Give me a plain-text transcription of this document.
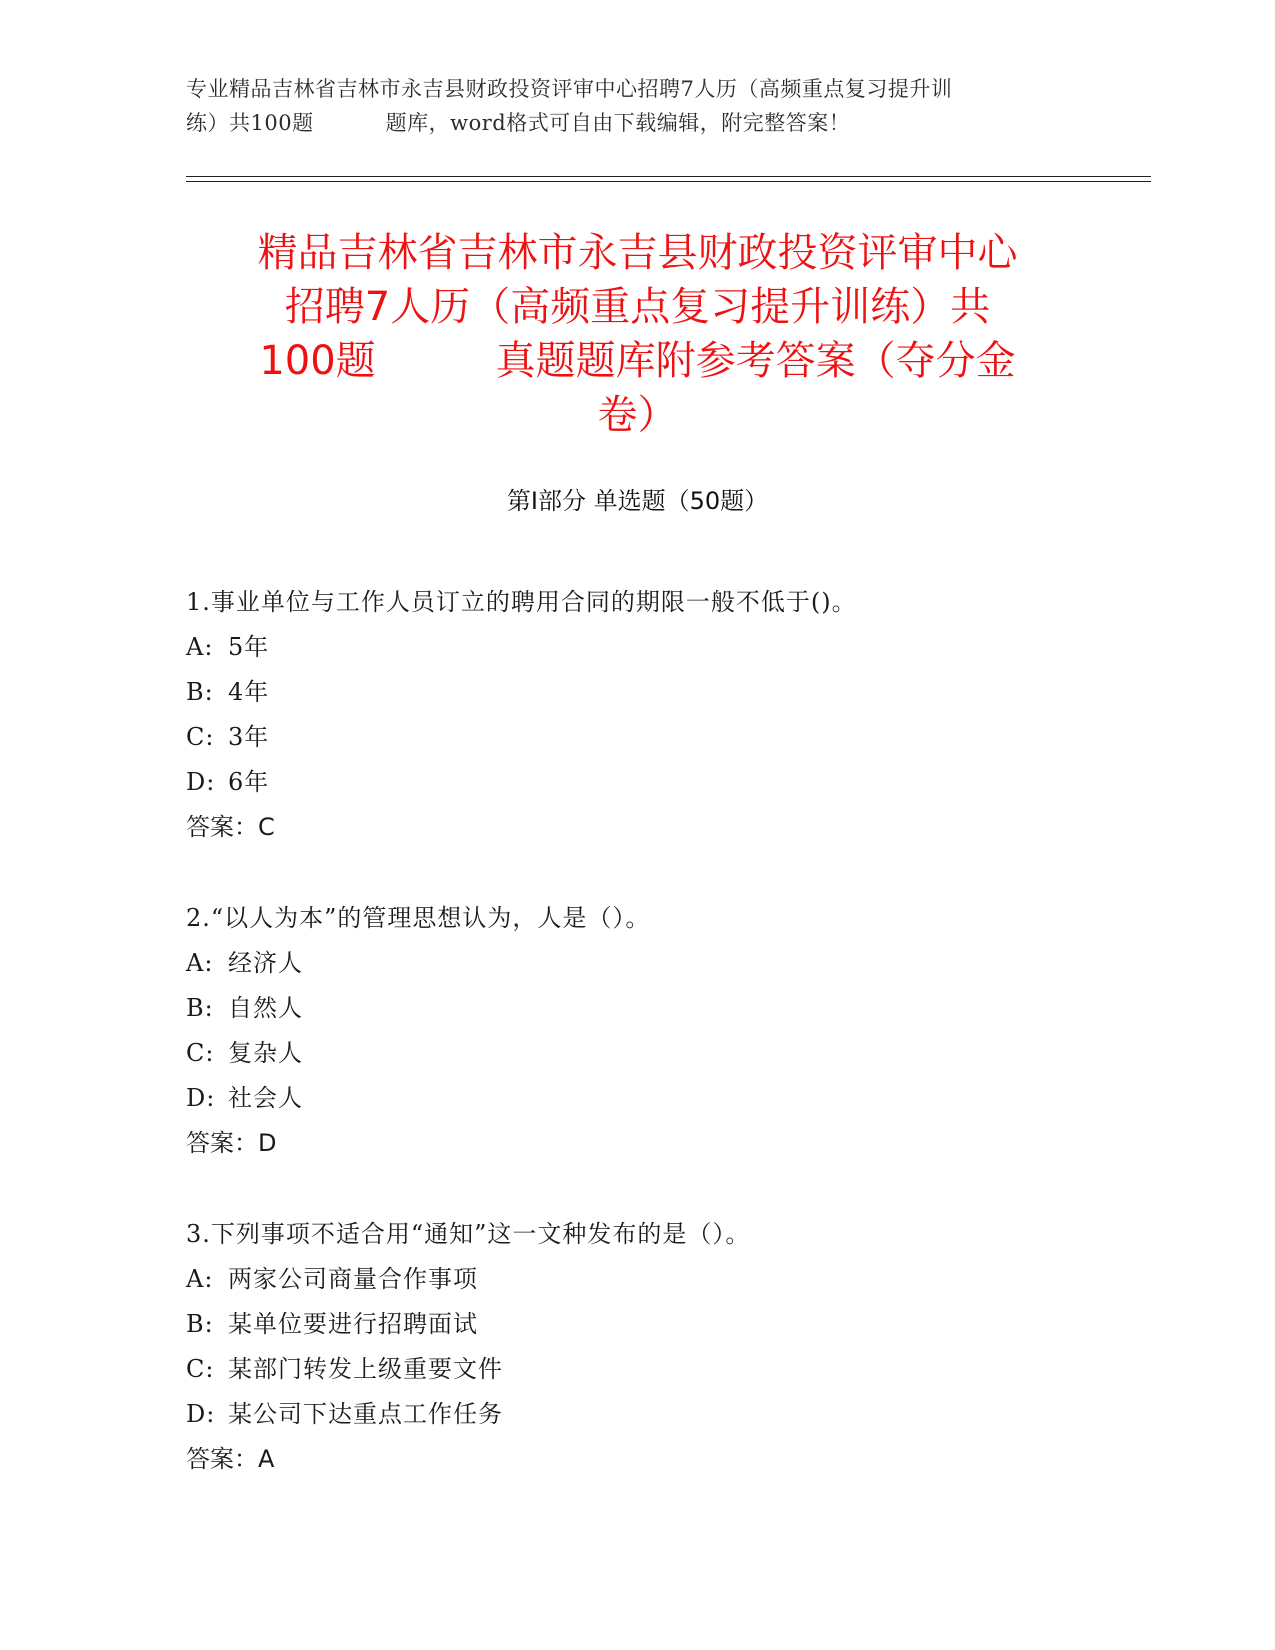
专业精品吉林省吉林市永吉县财政投资评审中心招聘7人历（高频重点复习提升训
练）共100题	题库，word格式可自由下载编辑，附完整答案！
精品吉林省吉林市永吉县财政投资评审中心
招聘7人历（高频重点复习提升训练）共
100题	真题题库附参考答案（夺分金
卷）
第Ⅰ部分 单选题（50题）
1.事业单位与工作人员订立的聘用合同的期限一般不低于()。
A: 5年
B: 4年
C: 3年
D: 6年
答案：C
2.“以人为本”的管理思想认为，人是（）。
A: 经济人
B: 自然人
C: 复杂人
D: 社会人
答案：D
3.下列事项不适合用“通知”这一文种发布的是（）。
A: 两家公司商量合作事项
B: 某单位要进行招聘面试
C: 某部门转发上级重要文件
D: 某公司下达重点工作任务
答案：A
